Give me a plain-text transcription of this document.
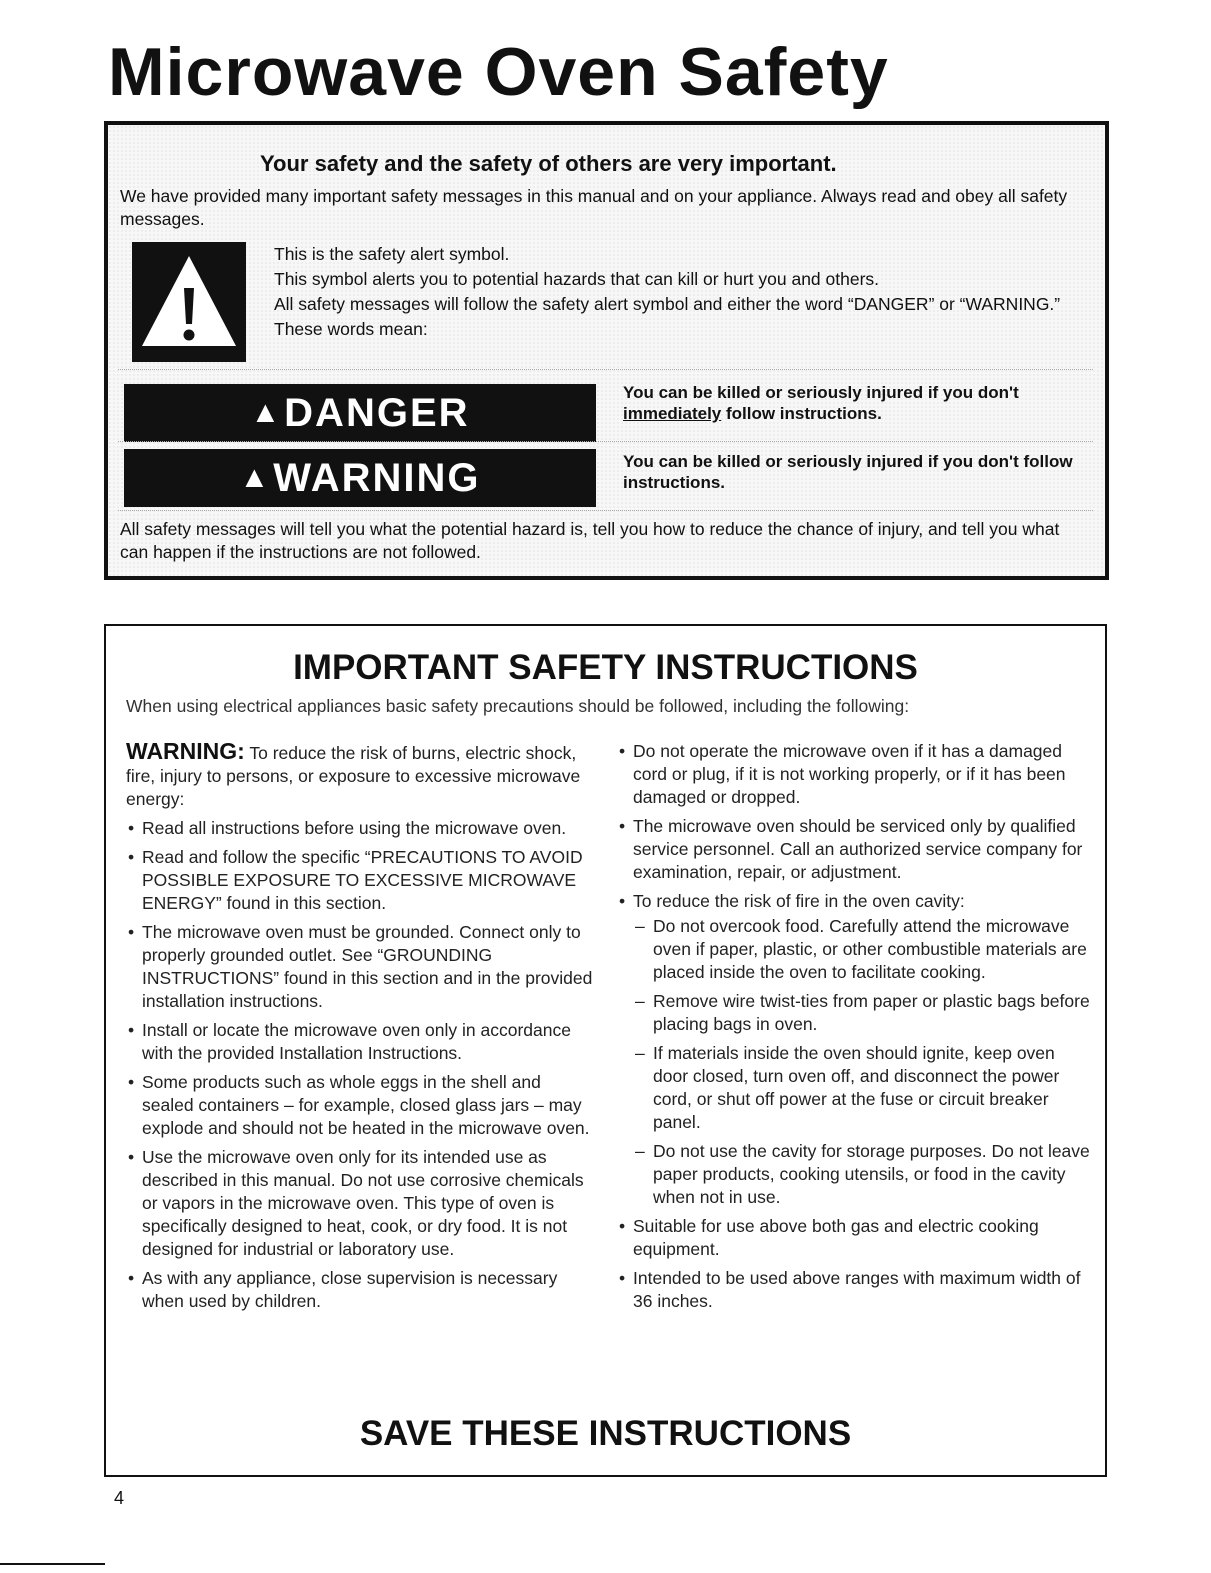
Microwave Oven Safety
Your safety and the safety of others are very important.

We have provided many important safety messages in this manual and on your appliance. Always read and obey all safety messages.

This is the safety alert symbol.

This symbol alerts you to potential hazards that can kill or hurt you and others.

All safety messages will follow the safety alert symbol and either the word “DANGER” or “WARNING.” These words mean:

▲ DANGER	You can be killed or seriously injured if you don't immediately follow instructions.

▲ WARNING	You can be killed or seriously injured if you don't follow instructions.

All safety messages will tell you what the potential hazard is, tell you how to reduce the chance of injury, and tell you what can happen if the instructions are not followed.

IMPORTANT SAFETY INSTRUCTIONS

When using electrical appliances basic safety precautions should be followed, including the following:

WARNING: To reduce the risk of burns, electric shock, fire, injury to persons, or exposure to excessive microwave energy:

• Read all instructions before using the microwave oven.
• Read and follow the specific “PRECAUTIONS TO AVOID POSSIBLE EXPOSURE TO EXCESSIVE MICROWAVE ENERGY” found in this section.
• The microwave oven must be grounded. Connect only to properly grounded outlet. See “GROUNDING INSTRUCTIONS” found in this section and in the provided installation instructions.
• Install or locate the microwave oven only in accordance with the provided Installation Instructions.
• Some products such as whole eggs in the shell and sealed containers – for example, closed glass jars – may explode and should not be heated in the microwave oven.
• Use the microwave oven only for its intended use as described in this manual. Do not use corrosive chemicals or vapors in the microwave oven. This type of oven is specifically designed to heat, cook, or dry food. It is not designed for industrial or laboratory use.
• As with any appliance, close supervision is necessary when used by children.
• Do not operate the microwave oven if it has a damaged cord or plug, if it is not working properly, or if it has been damaged or dropped.
• The microwave oven should be serviced only by qualified service personnel. Call an authorized service company for examination, repair, or adjustment.
• To reduce the risk of fire in the oven cavity:
– Do not overcook food. Carefully attend the microwave oven if paper, plastic, or other combustible materials are placed inside the oven to facilitate cooking.
– Remove wire twist-ties from paper or plastic bags before placing bags in oven.
– If materials inside the oven should ignite, keep oven door closed, turn oven off, and disconnect the power cord, or shut off power at the fuse or circuit breaker panel.
– Do not use the cavity for storage purposes. Do not leave paper products, cooking utensils, or food in the cavity when not in use.
• Suitable for use above both gas and electric cooking equipment.
• Intended to be used above ranges with maximum width of 36 inches.
SAVE THESE INSTRUCTIONS

4
